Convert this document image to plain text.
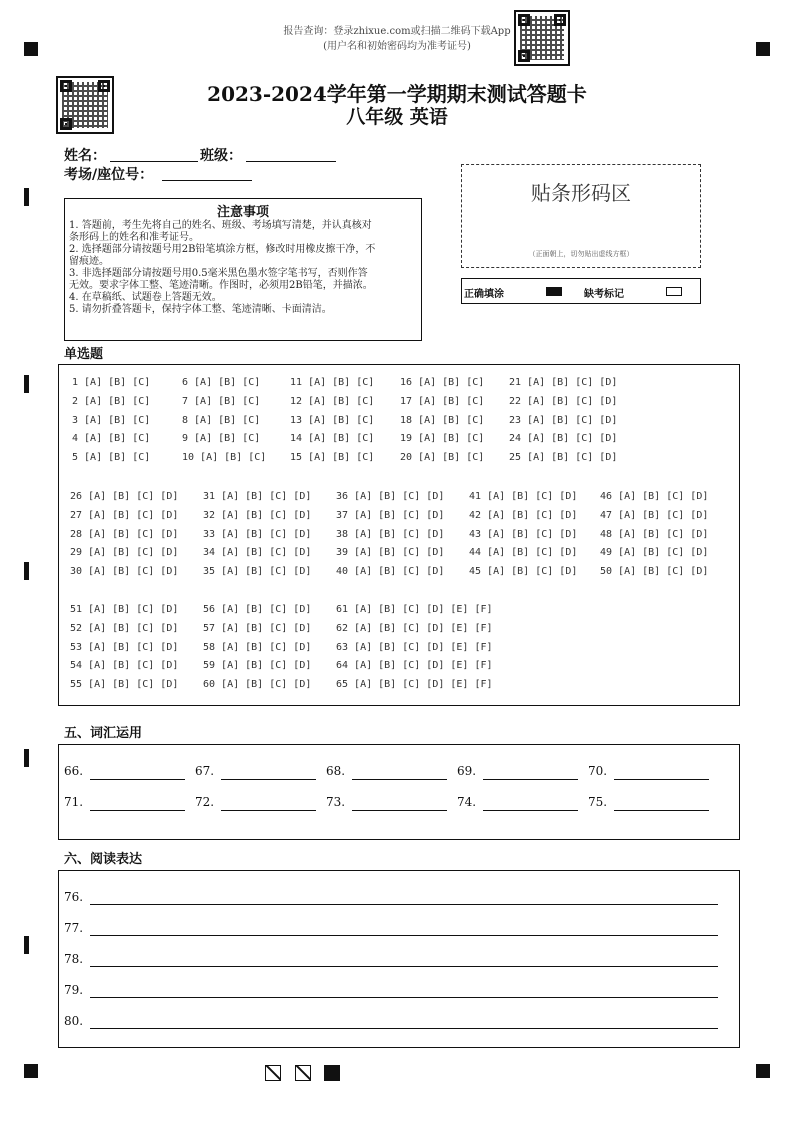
报告查询：登录zhixue.com或扫描二维码下载App
(用户名和初始密码均为准考证号)
2023-2024学年第一学期期末测试答题卡
八年级 英语
姓名：	班级：
考场/座位号：
注意事项
1. 答题前，考生先将自己的姓名、班级、考场填写清楚，并认真核对
条形码上的姓名和准考证号。
2. 选择题部分请按题号用2B铅笔填涂方框，修改时用橡皮擦干净，不
留痕迹。
3. 非选择题部分请按题号用0.5毫米黑色墨水签字笔书写，否则作答
无效。要求字体工整、笔迹清晰。作图时，必须用2B铅笔，并描浓。
4. 在草稿纸、试题卷上答题无效。
5. 请勿折叠答题卡，保持字体工整、笔迹清晰、卡面清洁。
贴条形码区
（正面朝上，切勿贴出虚线方框）
正确填涂	缺考标记
单选题
1 [A] [B] [C]	6 [A] [B] [C]	11 [A] [B] [C]	16 [A] [B] [C] 21 [A] [B] [C] [D]
2 [A] [B] [C]	7 [A] [B] [C]	12 [A] [B] [C]	17 [A] [B] [C] 22 [A] [B] [C] [D]
3 [A] [B] [C]	8 [A] [B] [C]	13 [A] [B] [C]	18 [A] [B] [C] 23 [A] [B] [C] [D]
4 [A] [B] [C]	9 [A] [B] [C]	14 [A] [B] [C]	19 [A] [B] [C] 24 [A] [B] [C] [D]
5 [A] [B] [C]	10 [A] [B] [C] 15 [A] [B] [C]	20 [A] [B] [C] 25 [A] [B] [C] [D]
26 [A] [B] [C] [D] 31 [A] [B] [C] [D] 36 [A] [B] [C] [D] 41 [A] [B] [C] [D] 46 [A] [B] [C] [D]
27 [A] [B] [C] [D] 32 [A] [B] [C] [D] 37 [A] [B] [C] [D] 42 [A] [B] [C] [D] 47 [A] [B] [C] [D]
28 [A] [B] [C] [D] 33 [A] [B] [C] [D] 38 [A] [B] [C] [D] 43 [A] [B] [C] [D] 48 [A] [B] [C] [D]
29 [A] [B] [C] [D] 34 [A] [B] [C] [D] 39 [A] [B] [C] [D] 44 [A] [B] [C] [D] 49 [A] [B] [C] [D]
30 [A] [B] [C] [D] 35 [A] [B] [C] [D] 40 [A] [B] [C] [D] 45 [A] [B] [C] [D] 50 [A] [B] [C] [D]
51 [A] [B] [C] [D] 56 [A] [B] [C] [D] 61 [A] [B] [C] [D] [E] [F]
52 [A] [B] [C] [D] 57 [A] [B] [C] [D] 62 [A] [B] [C] [D] [E] [F]
53 [A] [B] [C] [D] 58 [A] [B] [C] [D] 63 [A] [B] [C] [D] [E] [F]
54 [A] [B] [C] [D] 59 [A] [B] [C] [D] 64 [A] [B] [C] [D] [E] [F]
55 [A] [B] [C] [D] 60 [A] [B] [C] [D] 65 [A] [B] [C] [D] [E] [F]
五、词汇运用
66.	67.	68.	69.	70.
71.	72.	73.	74.	75.
六、阅读表达
76.
77.
78.
79.
80.
